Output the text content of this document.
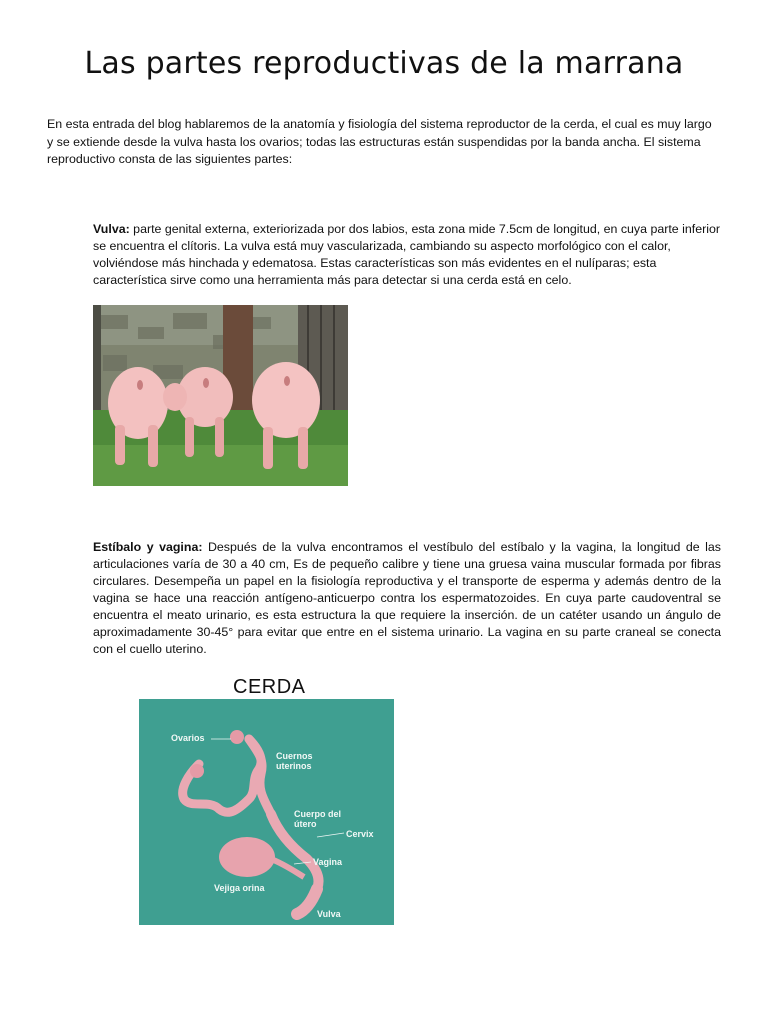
Las partes reproductivas de la marrana

En esta entrada del blog hablaremos de la anatomía y fisiología del sistema reproductor de la cerda, el cual es muy largo y se extiende desde la vulva hasta los ovarios; todas las estructuras están suspendidas por la banda ancha. El sistema reproductivo consta de las siguientes partes:

Vulva: parte genital externa, exteriorizada por dos labios, esta zona mide 7.5cm de longitud, en cuya parte inferior se encuentra el clítoris. La vulva está muy vascularizada, cambiando su aspecto morfológico con el calor, volviéndose más hinchada y edematosa. Estas características son más evidentes en el nulíparas; esta característica sirve como una herramienta más para detectar si una cerda está en celo.

Estíbalo y vagina: Después de la vulva encontramos el vestíbulo del estíbalo y la vagina, la longitud de las articulaciones varía de 30 a 40 cm, Es de pequeño calibre y tiene una gruesa vaina muscular formada por fibras circulares. Desempeña un papel en la fisiología reproductiva y el transporte de esperma y además dentro de la vagina se hace una reacción antígeno-anticuerpo contra los espermatozoides. En cuya parte caudoventral se encuentra el meato urinario, es esta estructura la que requiere la inserción. de un catéter usando un ángulo de aproximadamente 30-45° para evitar que entre en el sistema urinario. La vagina en su parte craneal se conecta con el cuello uterino.

CERDA
Ovarios
Cuernos uterinos
Cuerpo del útero
Cervix
Vagina
Vejiga orina
Vulva
